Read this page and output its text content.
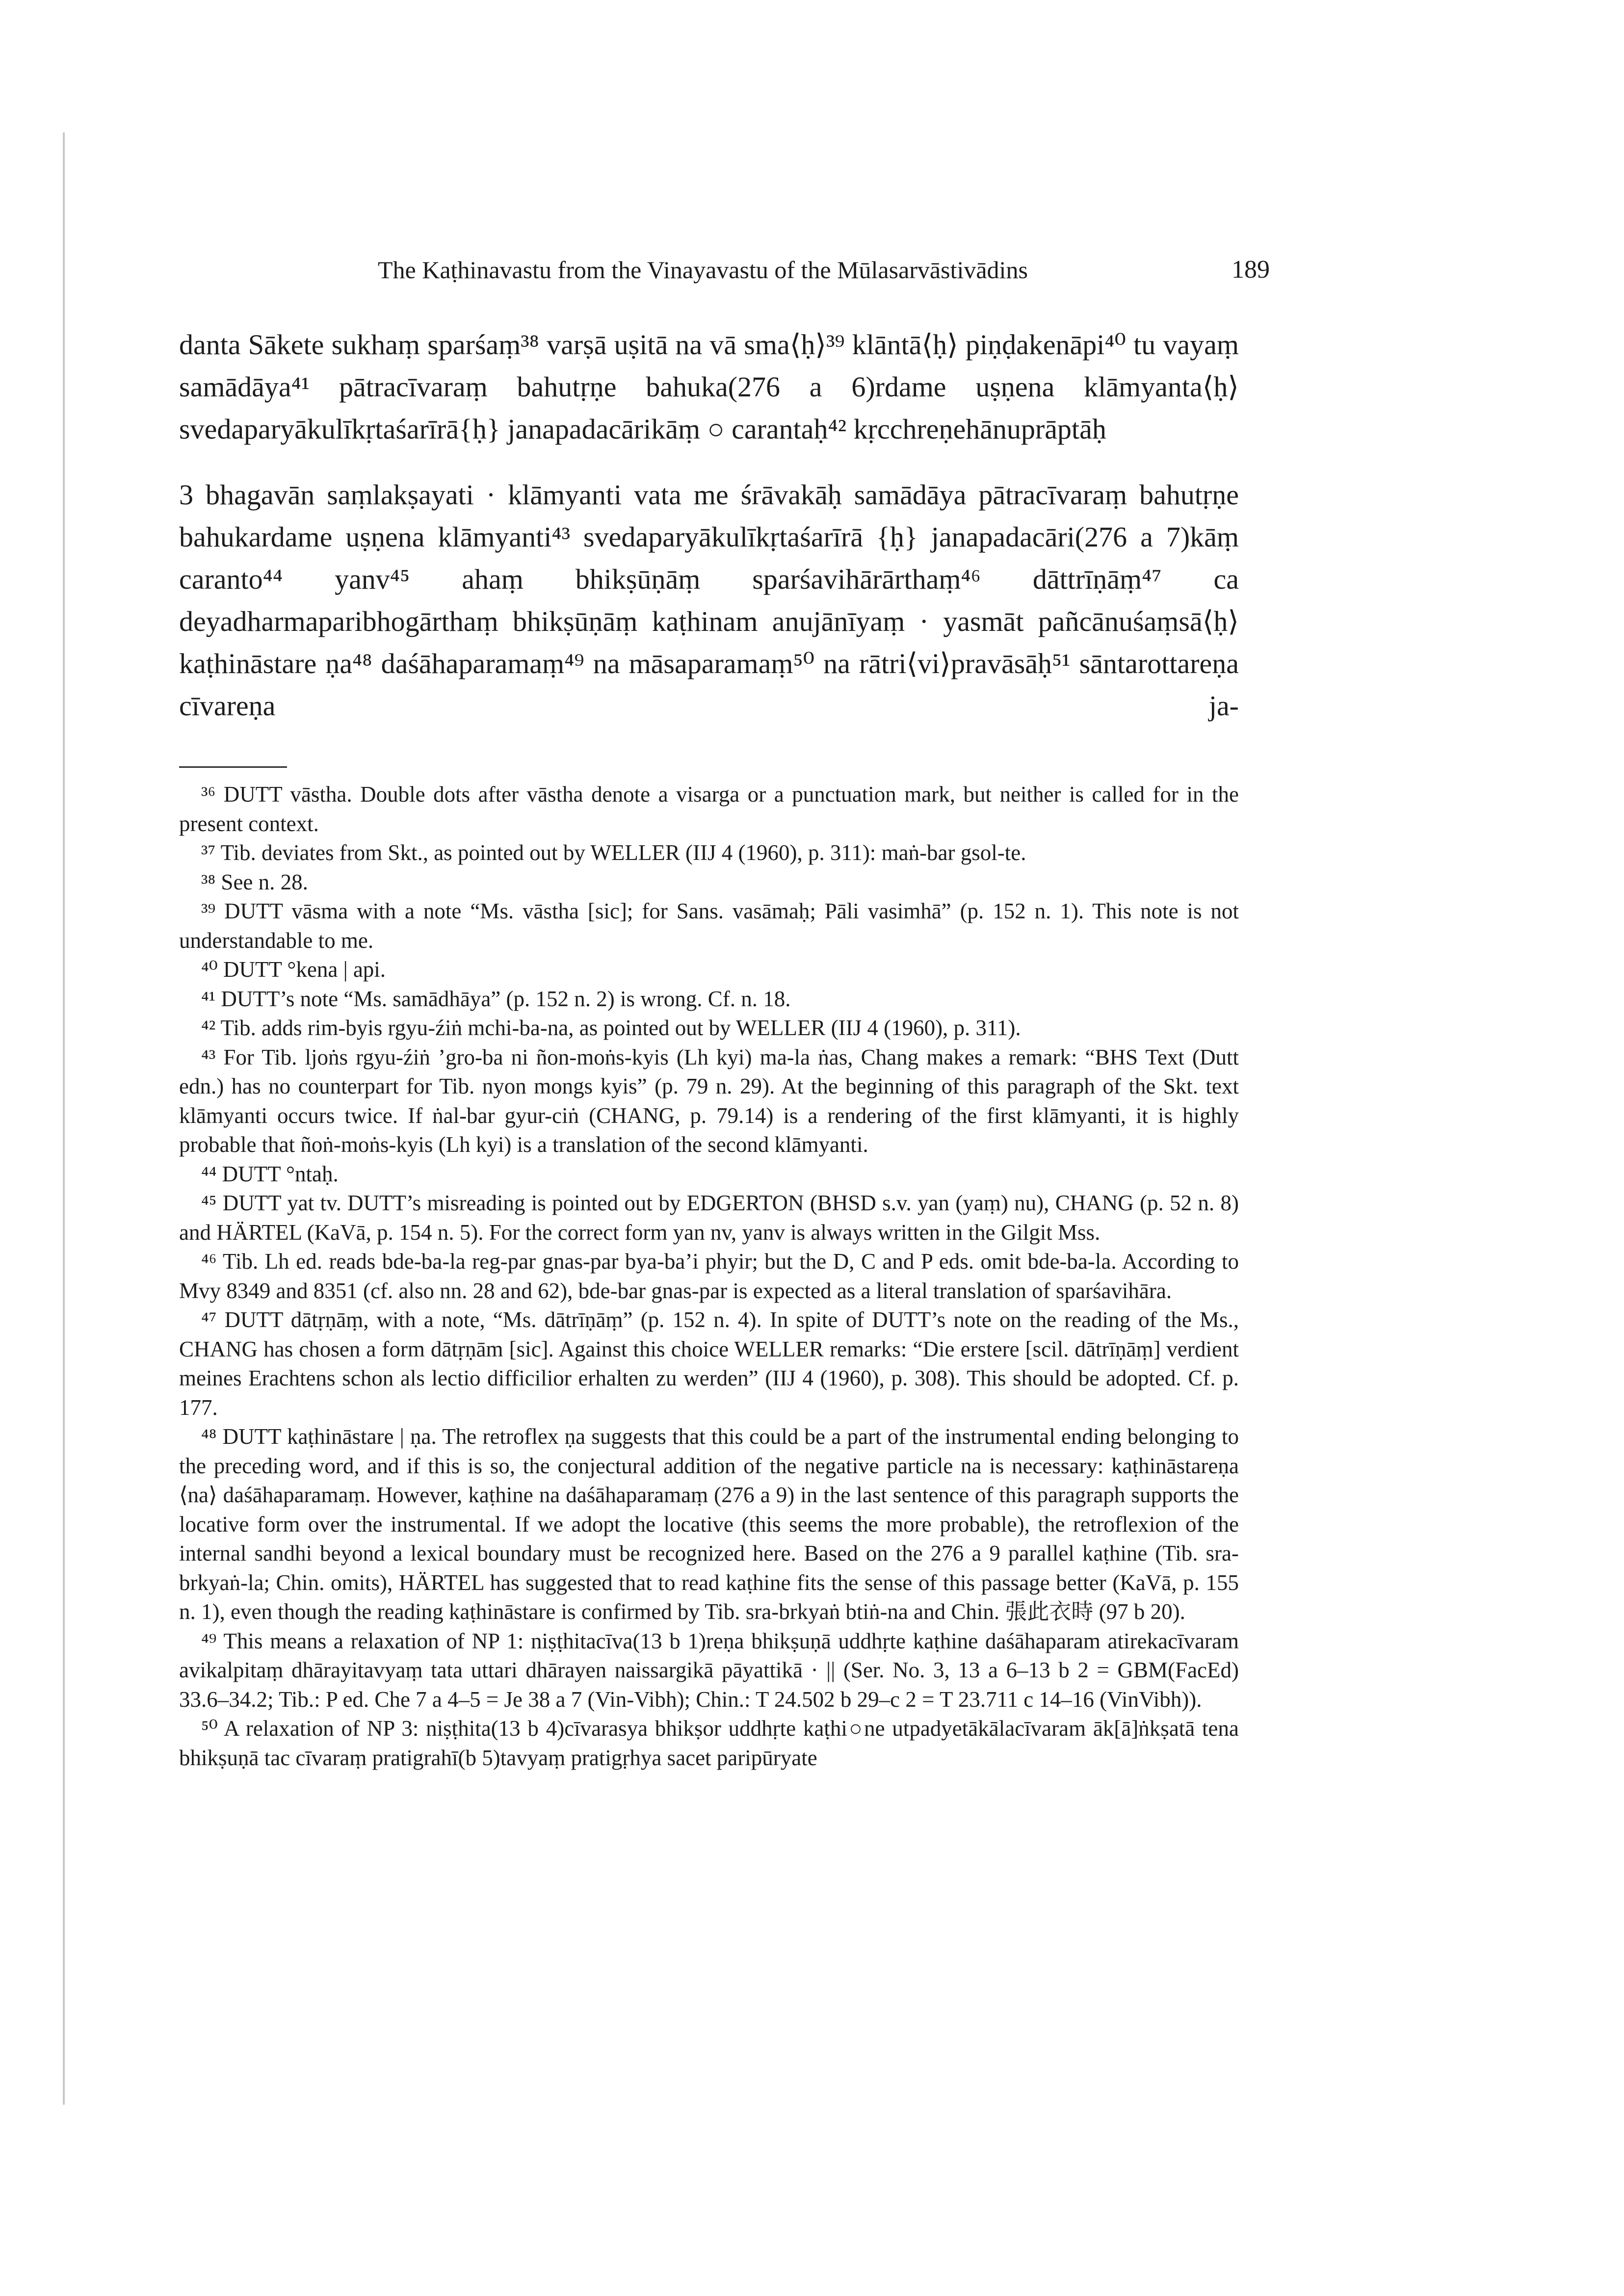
The Kaṭhinavastu from the Vinayavastu of the Mūlasarvāstivādins	189

danta Sākete sukhaṃ sparśaṃ³⁸ varṣā uṣitā na vā sma⟨ḥ⟩³⁹ klāntā⟨ḥ⟩ piṇḍakenāpi⁴⁰ tu vayaṃ samādāya⁴¹ pātracīvaraṃ bahutṛṇe bahuka(276 a 6)rdame uṣṇena klāmyanta⟨ḥ⟩ svedaparyākulīkṛtaśarīrā{ḥ} janapadacārikāṃ ○ carantaḥ⁴² kṛcchreṇehānuprāptāḥ

3 bhagavān saṃlakṣayati · klāmyanti vata me śrāvakāḥ samādāya pātracīvaraṃ bahutṛṇe bahukardame uṣṇena klāmyanti⁴³ svedaparyākulīkṛtaśarīrā {ḥ} janapadacāri(276 a 7)kāṃ caranto⁴⁴ yanv⁴⁵ ahaṃ bhikṣūṇāṃ sparśavihārārthaṃ⁴⁶ dāttrīṇāṃ⁴⁷ ca deyadharmaparibhogārthaṃ bhikṣūṇāṃ kaṭhinam anujānīyaṃ · yasmāt pañcānuśaṃsā⟨ḥ⟩ kaṭhināstare ṇa⁴⁸ daśāhaparamaṃ⁴⁹ na māsaparamaṃ⁵⁰ na rātri⟨vi⟩pravāsāḥ⁵¹ sāntarottareṇa cīvareṇa ja-

³⁶ DUTT vāstha. Double dots after vāstha denote a visarga or a punctuation mark, but neither is called for in the present context.

³⁷ Tib. deviates from Skt., as pointed out by WELLER (IIJ 4 (1960), p. 311): maṅ-bar gsol-te.

³⁸ See n. 28.

³⁹ DUTT vāsma with a note “Ms. vāstha [sic]; for Sans. vasāmaḥ; Pāli vasimhā” (p. 152 n. 1). This note is not understandable to me.

⁴⁰ DUTT °kena | api.

⁴¹ DUTT’s note “Ms. samādhāya” (p. 152 n. 2) is wrong. Cf. n. 18.

⁴² Tib. adds rim-byis rgyu-źiṅ mchi-ba-na, as pointed out by WELLER (IIJ 4 (1960), p. 311).

⁴³ For Tib. ljoṅs rgyu-źiṅ ’gro-ba ni ñon-moṅs-kyis (Lh kyi) ma-la ṅas, Chang makes a remark: “BHS Text (Dutt edn.) has no counterpart for Tib. nyon mongs kyis” (p. 79 n. 29). At the beginning of this paragraph of the Skt. text klāmyanti occurs twice. If ṅal-bar gyur-ciṅ (CHANG, p. 79.14) is a rendering of the first klāmyanti, it is highly probable that ñoṅ-moṅs-kyis (Lh kyi) is a translation of the second klāmyanti.

⁴⁴ DUTT °ntaḥ.

⁴⁵ DUTT yat tv. DUTT’s misreading is pointed out by EDGERTON (BHSD s.v. yan (yaṃ) nu), CHANG (p. 52 n. 8) and HÄRTEL (KaVā, p. 154 n. 5). For the correct form yan nv, yanv is always written in the Gilgit Mss.

⁴⁶ Tib. Lh ed. reads bde-ba-la reg-par gnas-par bya-ba’i phyir; but the D, C and P eds. omit bde-ba-la. According to Mvy 8349 and 8351 (cf. also nn. 28 and 62), bde-bar gnas-par is expected as a literal translation of sparśavihāra.

⁴⁷ DUTT dātṛṇāṃ, with a note, “Ms. dātrīṇāṃ” (p. 152 n. 4). In spite of DUTT’s note on the reading of the Ms., CHANG has chosen a form dātṛṇām [sic]. Against this choice WELLER remarks: “Die erstere [scil. dātrīṇāṃ] verdient meines Erachtens schon als lectio difficilior erhalten zu werden” (IIJ 4 (1960), p. 308). This should be adopted. Cf. p. 177.

⁴⁸ DUTT kaṭhināstare | ṇa. The retroflex ṇa suggests that this could be a part of the instrumental ending belonging to the preceding word, and if this is so, the conjectural addition of the negative particle na is necessary: kaṭhināstareṇa ⟨na⟩ daśāhaparamaṃ. However, kaṭhine na daśāhaparamaṃ (276 a 9) in the last sentence of this paragraph supports the locative form over the instrumental. If we adopt the locative (this seems the more probable), the retroflexion of the internal sandhi beyond a lexical boundary must be recognized here. Based on the 276 a 9 parallel kaṭhine (Tib. sra-brkyaṅ-la; Chin. omits), HÄRTEL has suggested that to read kaṭhine fits the sense of this passage better (KaVā, p. 155 n. 1), even though the reading kaṭhināstare is confirmed by Tib. sra-brkyaṅ btiṅ-na and Chin. 張此衣時 (97 b 20).

⁴⁹ This means a relaxation of NP 1: niṣṭhitacīva(13 b 1)reṇa bhikṣuṇā uddhṛte kaṭhine daśāhaparam atirekacīvaram avikalpitaṃ dhārayitavyaṃ tata uttari dhārayen naissargikā pāyattikā · || (Ser. No. 3, 13 a 6–13 b 2 = GBM(FacEd) 33.6–34.2; Tib.: P ed. Che 7 a 4–5 = Je 38 a 7 (Vin-Vibh); Chin.: T 24.502 b 29–c 2 = T 23.711 c 14–16 (VinVibh)).

⁵⁰ A relaxation of NP 3: niṣṭhita(13 b 4)cīvarasya bhikṣor uddhṛte kaṭhi○ne utpadyetākālacīvaram āk[ā]ṅkṣatā tena bhikṣuṇā tac cīvaraṃ pratigrahī(b 5)tavyaṃ pratigṛhya sacet paripūryate
